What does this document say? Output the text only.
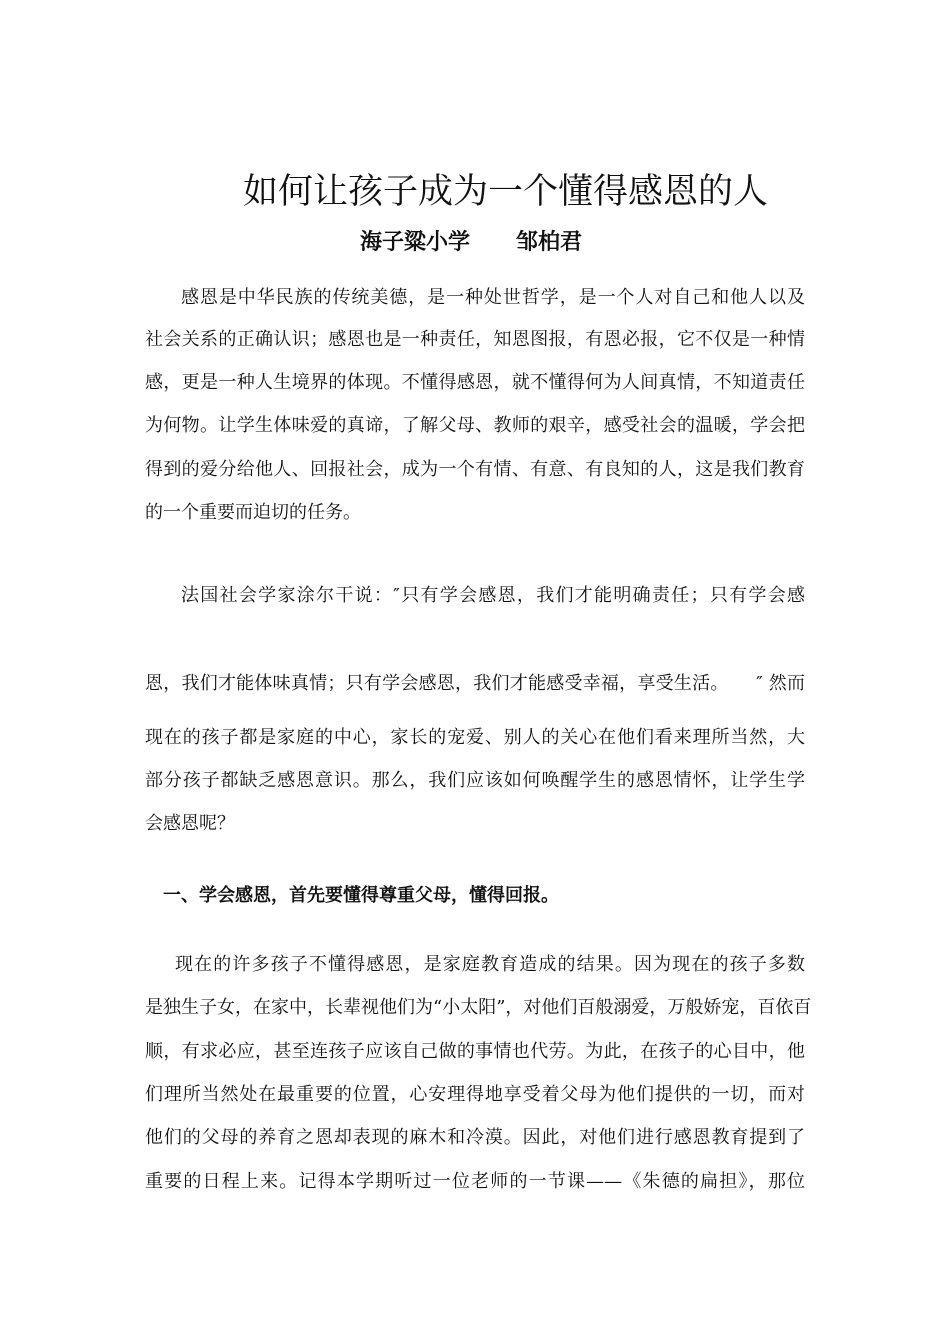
如何让孩子成为一个懂得感恩的人
海子粱小学 邹柏君
感恩是中华民族的传统美德，是一种处世哲学，是一个人对自己和他人以及
社会关系的正确认识；感恩也是一种责任，知恩图报，有恩必报，它不仅是一种情
感，更是一种人生境界的体现。不懂得感恩，就不懂得何为人间真情，不知道责任
为何物。让学生体味爱的真谛，了解父母、教师的艰辛，感受社会的温暖，学会把
得到的爱分给他人、回报社会，成为一个有情、有意、有良知的人，这是我们教育
的一个重要而迫切的任务。
法国社会学家涂尔干说：″只有学会感恩，我们才能明确责任；只有学会感
恩，我们才能体味真情；只有学会感恩，我们才能感受幸福，享受生活。　　″ 然而
现在的孩子都是家庭的中心，家长的宠爱、别人的关心在他们看来理所当然，大
部分孩子都缺乏感恩意识。那么，我们应该如何唤醒学生的感恩情怀，让学生学
会感恩呢？
一、学会感恩，首先要懂得尊重父母，懂得回报。
现在的许多孩子不懂得感恩，是家庭教育造成的结果。因为现在的孩子多数
是独生子女，在家中，长辈视他们为“小太阳”，对他们百般溺爱，万般娇宠，百依百
顺，有求必应，甚至连孩子应该自己做的事情也代劳。为此，在孩子的心目中，他
们理所当然处在最重要的位置，心安理得地享受着父母为他们提供的一切，而对
他们的父母的养育之恩却表现的麻木和冷漠。因此，对他们进行感恩教育提到了
重要的日程上来。记得本学期听过一位老师的一节课——《朱德的扁担》，那位
